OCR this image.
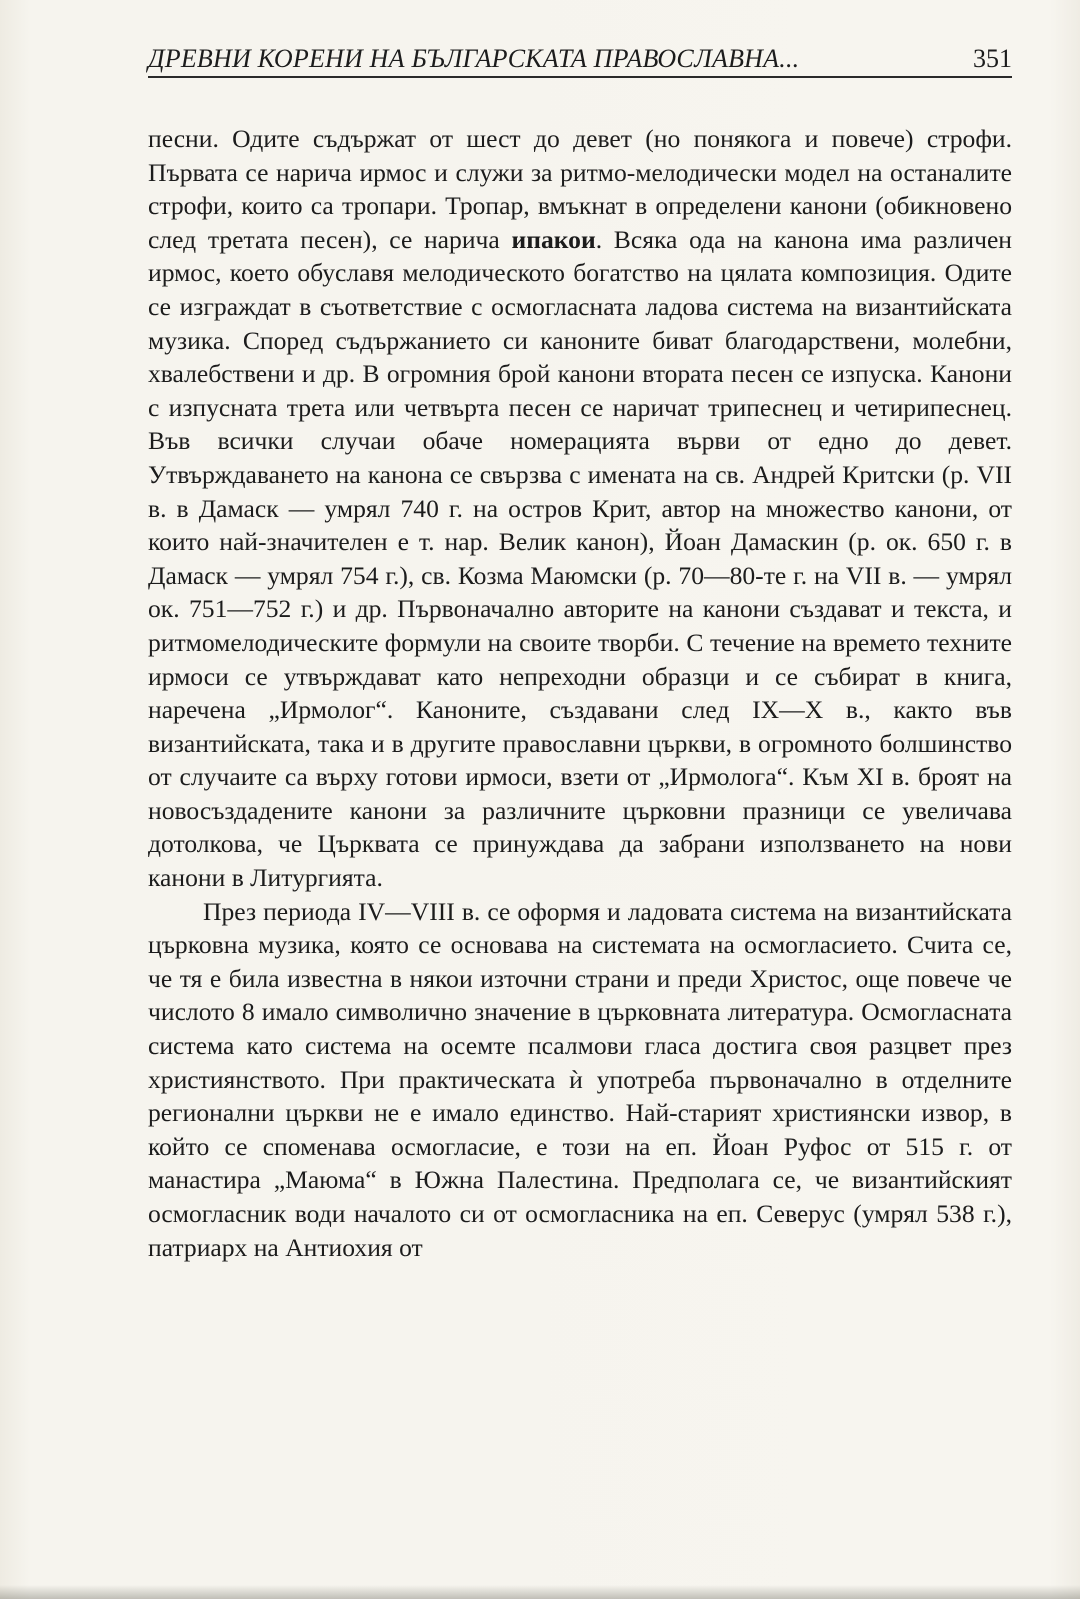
ДРЕВНИ КОРЕНИ НА БЪЛГАРСКАТА ПРАВОСЛАВНА...	351

песни. Одите съдържат от шест до девет (но понякога и повече) строфи. Първата се нарича ирмос и служи за ритмо-мелодически модел на останалите строфи, които са тропари. Тропар, вмъкнат в определени канони (обикновено след третата песен), се нарича ипакои. Всяка ода на канона има различен ирмос, което обуславя мелодическото богатство на цялата композиция. Одите се изграждат в съответствие с осмогласната ладова система на византийската музика. Според съдържанието си каноните биват благодарствени, молебни, хвалебствени и др. В огромния брой канони втората песен се изпуска. Канони с изпусната трета или четвърта песен се наричат трипеснец и четирипеснец. Във всички случаи обаче номерацията върви от едно до девет. Утвърждаването на канона се свързва с имената на св. Андрей Критски (р. VII в. в Дамаск — умрял 740 г. на остров Крит, автор на множество канони, от които най-значителен е т. нар. Велик канон), Йоан Дамаскин (р. ок. 650 г. в Дамаск — умрял 754 г.), св. Козма Маюмски (р. 70—80-те г. на VII в. — умрял ок. 751—752 г.) и др. Първоначално авторите на канони създават и текста, и ритмомелодическите формули на своите творби. С течение на времето техните ирмоси се утвърждават като непреходни образци и се събират в книга, наречена „Ирмолог“. Каноните, създавани след IX—X в., както във византийската, така и в другите православни църкви, в огромното болшинство от случаите са върху готови ирмоси, взети от „Ирмолога“. Към XI в. броят на новосъздадените канони за различните църковни празници се увеличава дотолкова, че Църквата се принуждава да забрани използването на нови канони в Литургията.

През периода IV—VIII в. се оформя и ладовата система на византийската църковна музика, която се основава на системата на осмогласието. Счита се, че тя е била известна в някои източни страни и преди Христос, още повече че числото 8 имало символично значение в църковната литература. Осмогласната система като система на осемте псалмови гласа достига своя разцвет през християнството. При практическата ѝ употреба първоначално в отделните регионални църкви не е имало единство. Най-старият християнски извор, в който се споменава осмогласие, е този на еп. Йоан Руфос от 515 г. от манастира „Маюма“ в Южна Палестина. Предполага се, че византийският осмогласник води началото си от осмогласника на еп. Северус (умрял 538 г.), патриарх на Антиохия от
